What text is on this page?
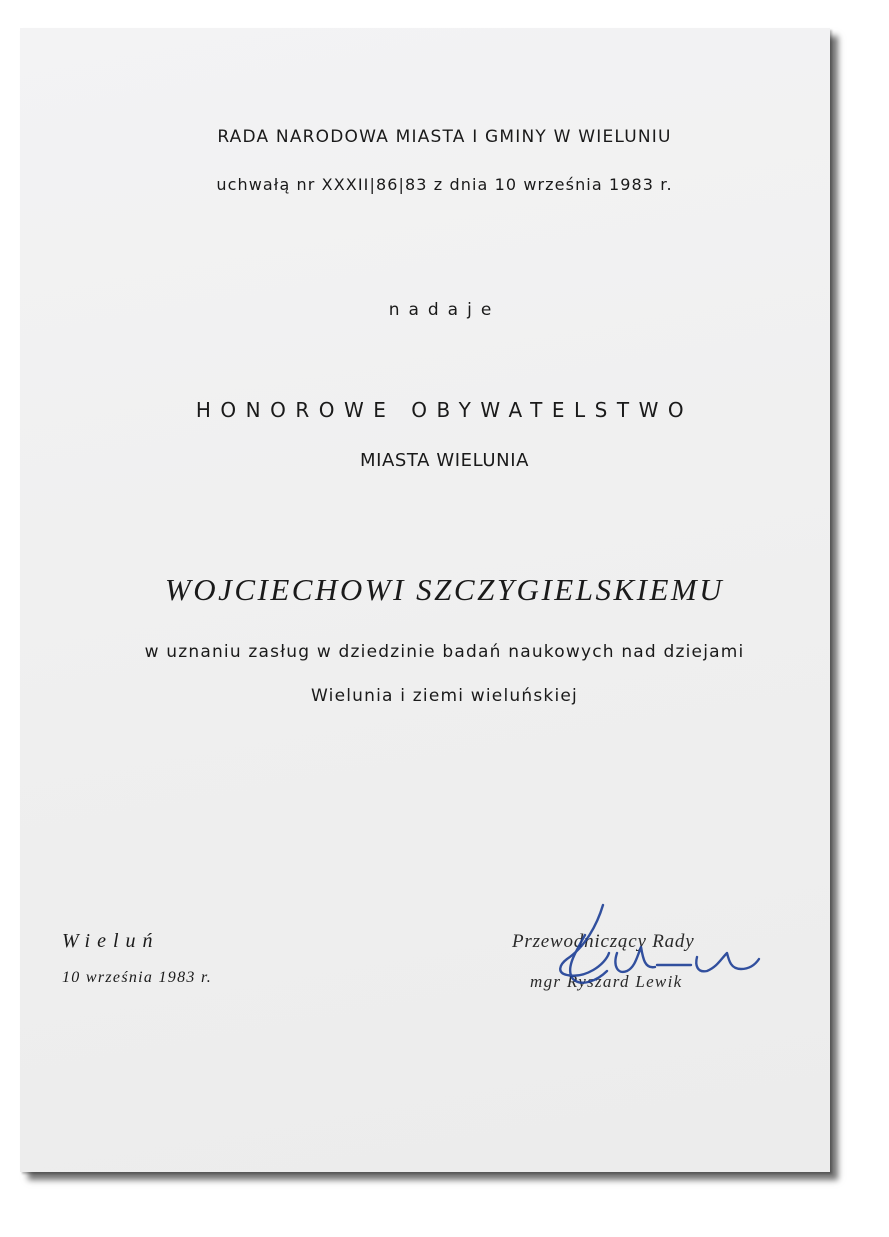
RADA NARODOWA MIASTA I GMINY W WIELUNIU
uchwałą nr XXXII|86|83 z dnia 10 września 1983 r.
nadaje
HONOROWE OBYWATELSTWO
MIASTA WIELUNIA
WOJCIECHOWI SZCZYGIELSKIEMU
w uznaniu zasług w dziedzinie badań naukowych nad dziejami
Wielunia i ziemi wieluńskiej
Wieluń
10 września 1983 r.
Przewodniczący Rady
mgr Ryszard Lewik
